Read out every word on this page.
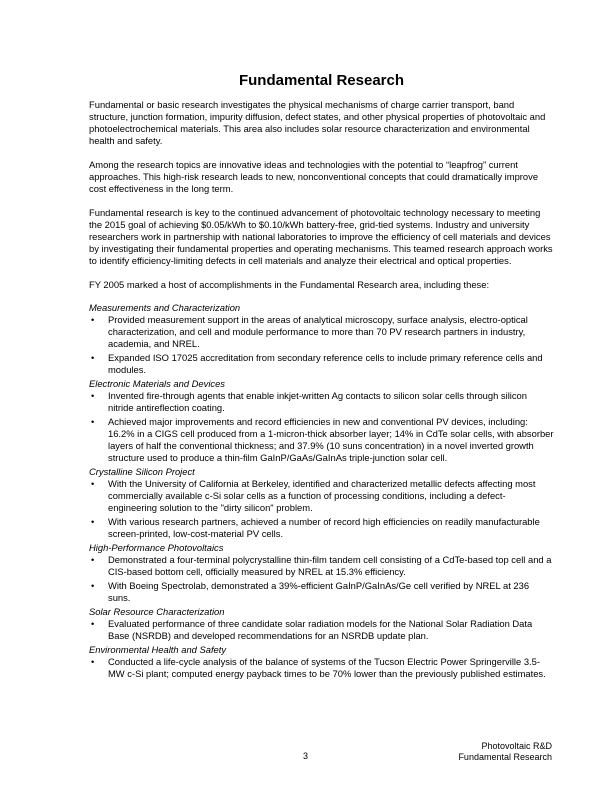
Fundamental Research

Fundamental or basic research investigates the physical mechanisms of charge carrier transport, band structure, junction formation, impurity diffusion, defect states, and other physical properties of photovoltaic and photoelectrochemical materials. This area also includes solar resource characterization and environmental health and safety.

Among the research topics are innovative ideas and technologies with the potential to “leapfrog” current approaches. This high-risk research leads to new, nonconventional concepts that could dramatically improve cost effectiveness in the long term.

Fundamental research is key to the continued advancement of photovoltaic technology necessary to meeting the 2015 goal of achieving $0.05/kWh to $0.10/kWh battery-free, grid-tied systems. Industry and university researchers work in partnership with national laboratories to improve the efficiency of cell materials and devices by investigating their fundamental properties and operating mechanisms. This teamed research approach works to identify efficiency-limiting defects in cell materials and analyze their electrical and optical properties.

FY 2005 marked a host of accomplishments in the Fundamental Research area, including these:

Measurements and Characterization
• Provided measurement support in the areas of analytical microscopy, surface analysis, electro-optical characterization, and cell and module performance to more than 70 PV research partners in industry, academia, and NREL.
• Expanded ISO 17025 accreditation from secondary reference cells to include primary reference cells and modules.
Electronic Materials and Devices
• Invented fire-through agents that enable inkjet-written Ag contacts to silicon solar cells through silicon nitride antireflection coating.
• Achieved major improvements and record efficiencies in new and conventional PV devices, including: 16.2% in a CIGS cell produced from a 1-micron-thick absorber layer; 14% in CdTe solar cells, with absorber layers of half the conventional thickness; and 37.9% (10 suns concentration) in a novel inverted growth structure used to produce a thin-film GaInP/GaAs/GaInAs triple-junction solar cell.
Crystalline Silicon Project
• With the University of California at Berkeley, identified and characterized metallic defects affecting most commercially available c-Si solar cells as a function of processing conditions, including a defect-engineering solution to the "dirty silicon" problem.
• With various research partners, achieved a number of record high efficiencies on readily manufacturable screen-printed, low-cost-material PV cells.
High-Performance Photovoltaics
• Demonstrated a four-terminal polycrystalline thin-film tandem cell consisting of a CdTe-based top cell and a CIS-based bottom cell, officially measured by NREL at 15.3% efficiency.
• With Boeing Spectrolab, demonstrated a 39%-efficient GaInP/GaInAs/Ge cell verified by NREL at 236 suns.
Solar Resource Characterization
• Evaluated performance of three candidate solar radiation models for the National Solar Radiation Data Base (NSRDB) and developed recommendations for an NSRDB update plan.
Environmental Health and Safety
• Conducted a life-cycle analysis of the balance of systems of the Tucson Electric Power Springerville 3.5-MW c-Si plant; computed energy payback times to be 70% lower than the previously published estimates.
3
Photovoltaic R&D
Fundamental Research
